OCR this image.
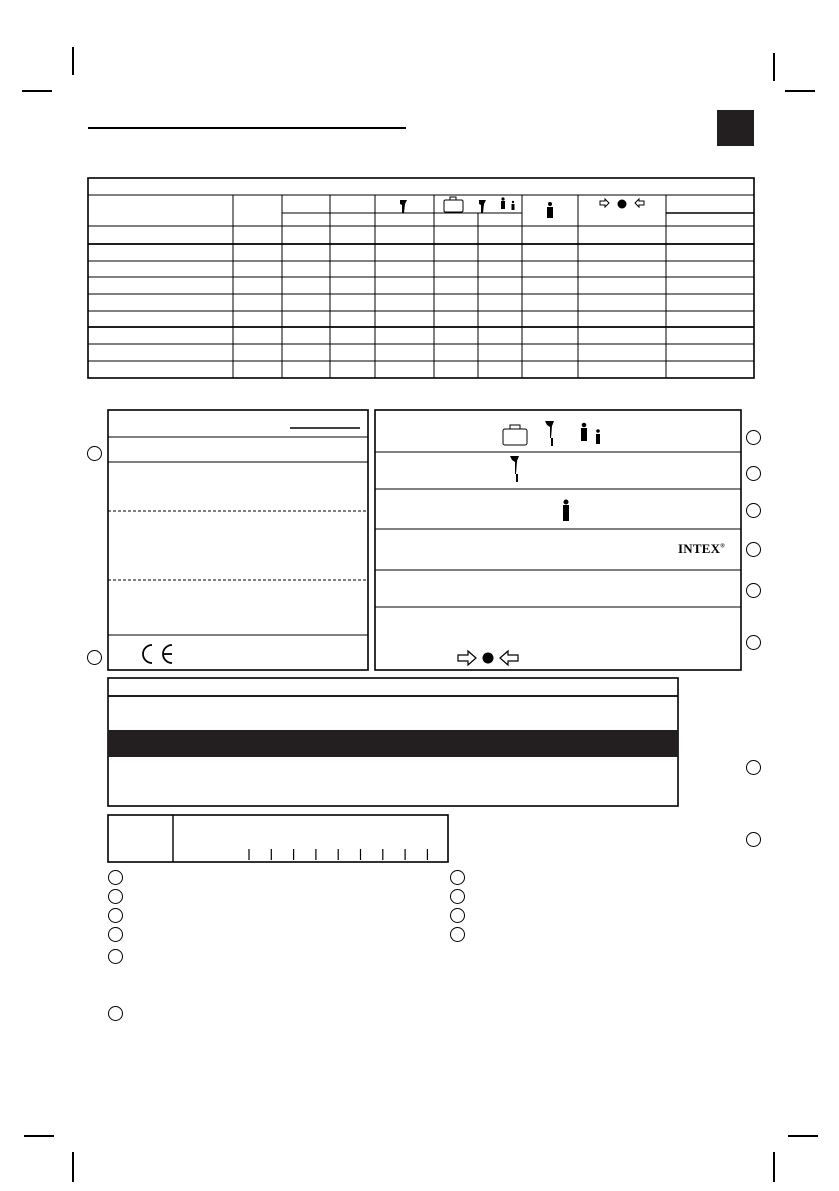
INTEX®
